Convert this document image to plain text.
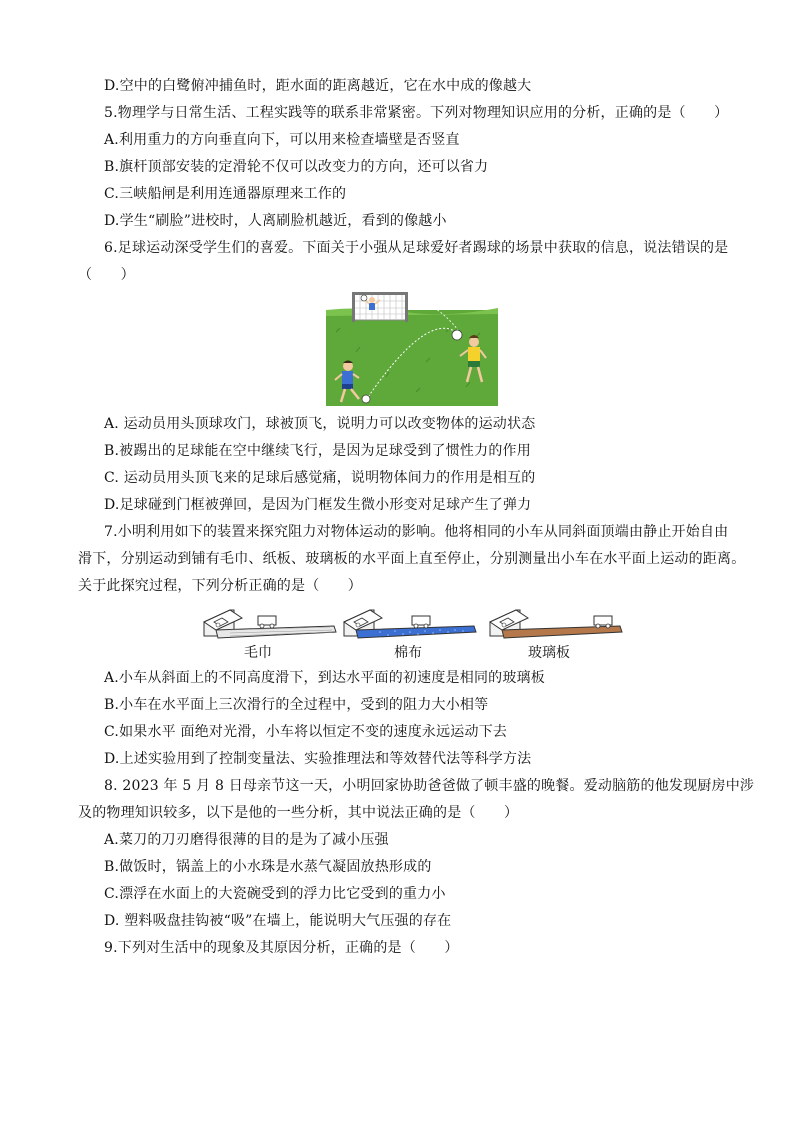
D.空中的白鹭俯冲捕鱼时，距水面的距离越近，它在水中成的像越大
5.物理学与日常生活、工程实践等的联系非常紧密。下列对物理知识应用的分析，正确的是（　　）
A.利用重力的方向垂直向下，可以用来检查墙壁是否竖直
B.旗杆顶部安装的定滑轮不仅可以改变力的方向，还可以省力
C.三峡船闸是利用连通器原理来工作的
D.学生“刷脸”进校时，人离刷脸机越近，看到的像越小
6.足球运动深受学生们的喜爱。下面关于小强从足球爱好者踢球的场景中获取的信息，说法错误的是
（　　）
A. 运动员用头顶球攻门，球被顶飞，说明力可以改变物体的运动状态
B.被踢出的足球能在空中继续飞行，是因为足球受到了惯性力的作用
C. 运动员用头顶飞来的足球后感觉痛，说明物体间力的作用是相互的
D.足球碰到门框被弹回，是因为门框发生微小形变对足球产生了弹力
7.小明利用如下的装置来探究阻力对物体运动的影响。他将相同的小车从同斜面顶端由静止开始自由
滑下，分别运动到铺有毛巾、纸板、玻璃板的水平面上直至停止，分别测量出小车在水平面上运动的距离。
关于此探究过程，下列分析正确的是（　　）
毛巾	棉布	玻璃板
A.小车从斜面上的不同高度滑下，到达水平面的初速度是相同的玻璃板
B.小车在水平面上三次滑行的全过程中，受到的阻力大小相等
C.如果水平 面绝对光滑，小车将以恒定不变的速度永远运动下去
D.上述实验用到了控制变量法、实验推理法和等效替代法等科学方法
8. 2023 年 5 月 8 日母亲节这一天，小明回家协助爸爸做了顿丰盛的晚餐。爱动脑筋的他发现厨房中涉
及的物理知识较多，以下是他的一些分析，其中说法正确的是（　　）
A.菜刀的刀刃磨得很薄的目的是为了减小压强
B.做饭时，锅盖上的小水珠是水蒸气凝固放热形成的
C.漂浮在水面上的大瓷碗受到的浮力比它受到的重力小
D. 塑料吸盘挂钩被“吸”在墙上，能说明大气压强的存在
9.下列对生活中的现象及其原因分析，正确的是（　　）
